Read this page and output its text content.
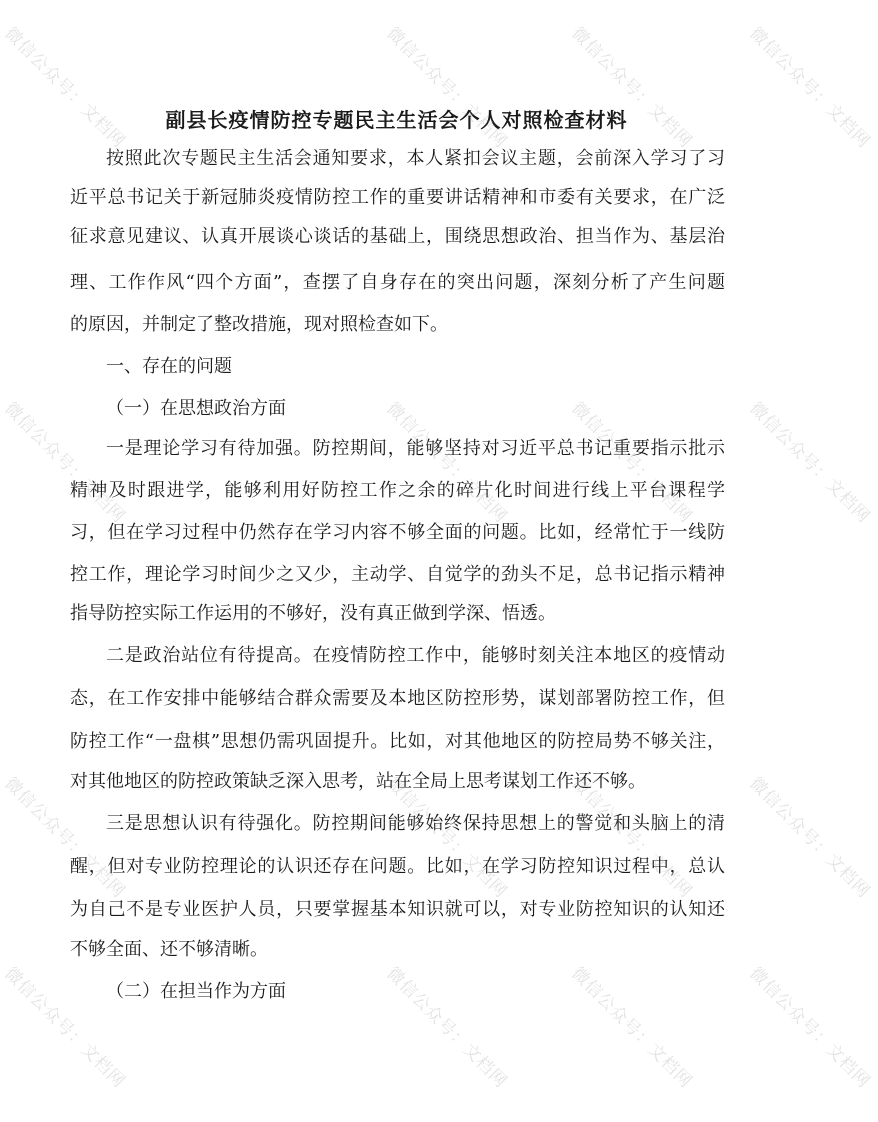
副县长疫情防控专题民主生活会个人对照检查材料
按照此次专题民主生活会通知要求，本人紧扣会议主题，会前深入学习了习
近平总书记关于新冠肺炎疫情防控工作的重要讲话精神和市委有关要求，在广泛
征求意见建议、认真开展谈心谈话的基础上，围绕思想政治、担当作为、基层治
理、工作作风“四个方面”，查摆了自身存在的突出问题，深刻分析了产生问题
的原因，并制定了整改措施，现对照检查如下。
一、存在的问题
（一）在思想政治方面
一是理论学习有待加强。防控期间，能够坚持对习近平总书记重要指示批示
精神及时跟进学，能够利用好防控工作之余的碎片化时间进行线上平台课程学
习，但在学习过程中仍然存在学习内容不够全面的问题。比如，经常忙于一线防
控工作，理论学习时间少之又少，主动学、自觉学的劲头不足，总书记指示精神
指导防控实际工作运用的不够好，没有真正做到学深、悟透。
二是政治站位有待提高。在疫情防控工作中，能够时刻关注本地区的疫情动
态，在工作安排中能够结合群众需要及本地区防控形势，谋划部署防控工作，但
防控工作“一盘棋”思想仍需巩固提升。比如，对其他地区的防控局势不够关注，
对其他地区的防控政策缺乏深入思考，站在全局上思考谋划工作还不够。
三是思想认识有待强化。防控期间能够始终保持思想上的警觉和头脑上的清
醒，但对专业防控理论的认识还存在问题。比如，在学习防控知识过程中，总认
为自己不是专业医护人员，只要掌握基本知识就可以，对专业防控知识的认知还
不够全面、还不够清晰。
（二）在担当作为方面
微信公众号：文档网	微信公众号：文档网	微信公众号：文档网	微信公众号：文档网
微信公众号：文档网	微信公众号：文档网	微信公众号：文档网	微信公众号：文档网
微信公众号：文档网	微信公众号：文档网	微信公众号：文档网	微信公众号：文档网
微信公众号：文档网	微信公众号：文档网	微信公众号：文档网	微信公众号：文档网
